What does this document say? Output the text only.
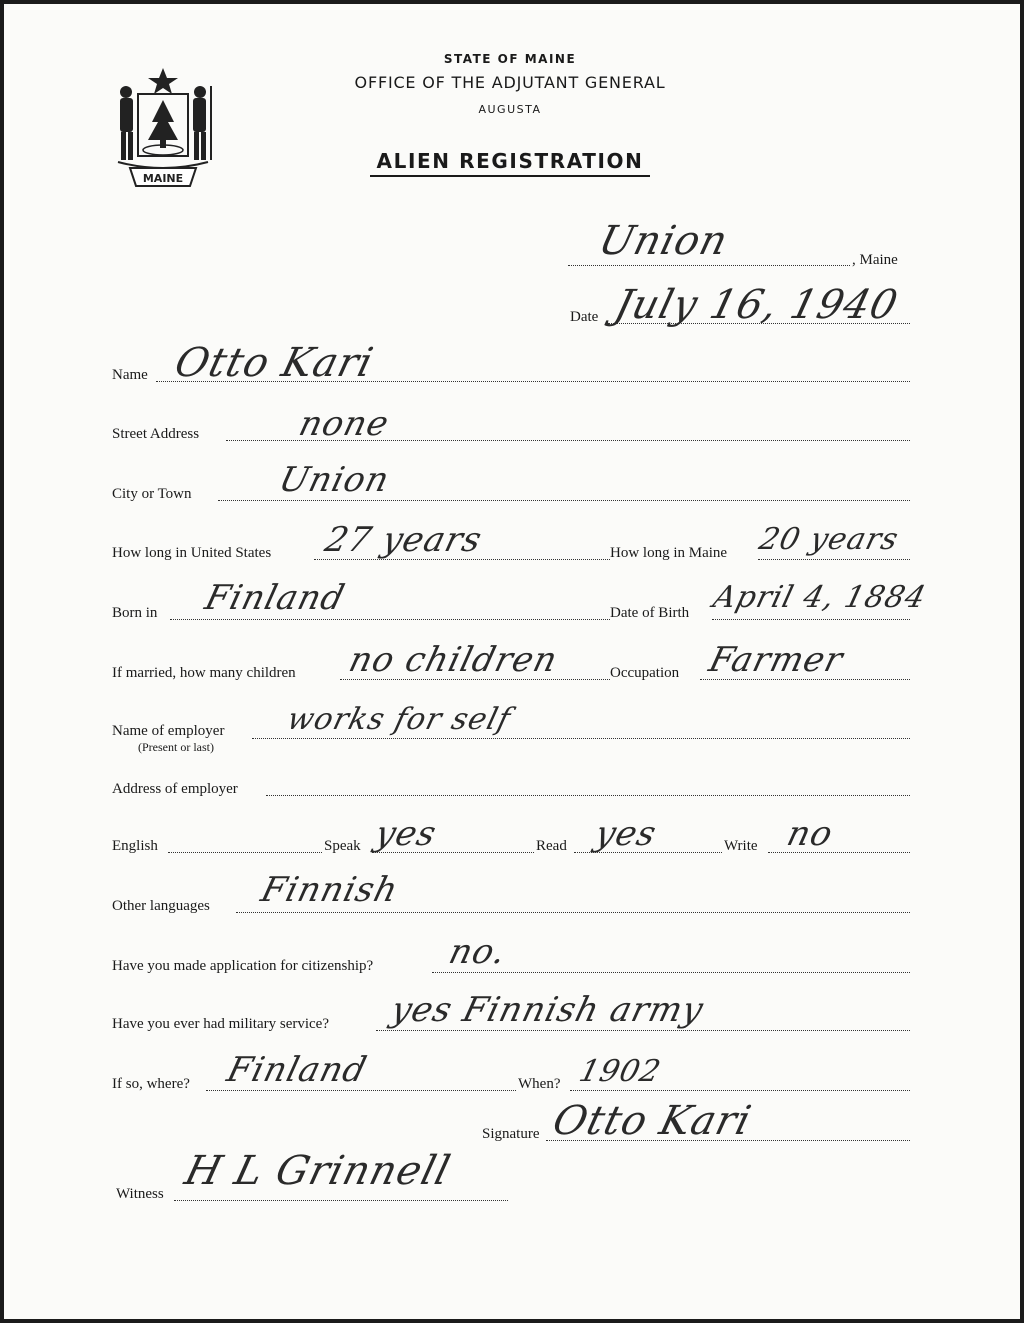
MAINE
STATE OF MAINE
OFFICE OF THE ADJUTANT GENERAL
AUGUSTA
ALIEN REGISTRATION
Union	, Maine
Date July 16, 1940
Name Otto Kari
Street Address	none
City or Town Union
How long in United States 27 years	How long in Maine 20 years
Born in Finland	Date of Birth April 4, 1884
If married, how many children no children	Occupation Farmer
Name of employer
(Present or last)
works for self
Address of employer
English	Speak yes	Read yes	Write no
Other languages Finnish
Have you made application for citizenship? no.
Have you ever had military service? yes Finnish army
If so, where? Finland	When? 1902
Signature Otto Kari
Witness H L Grinnell
